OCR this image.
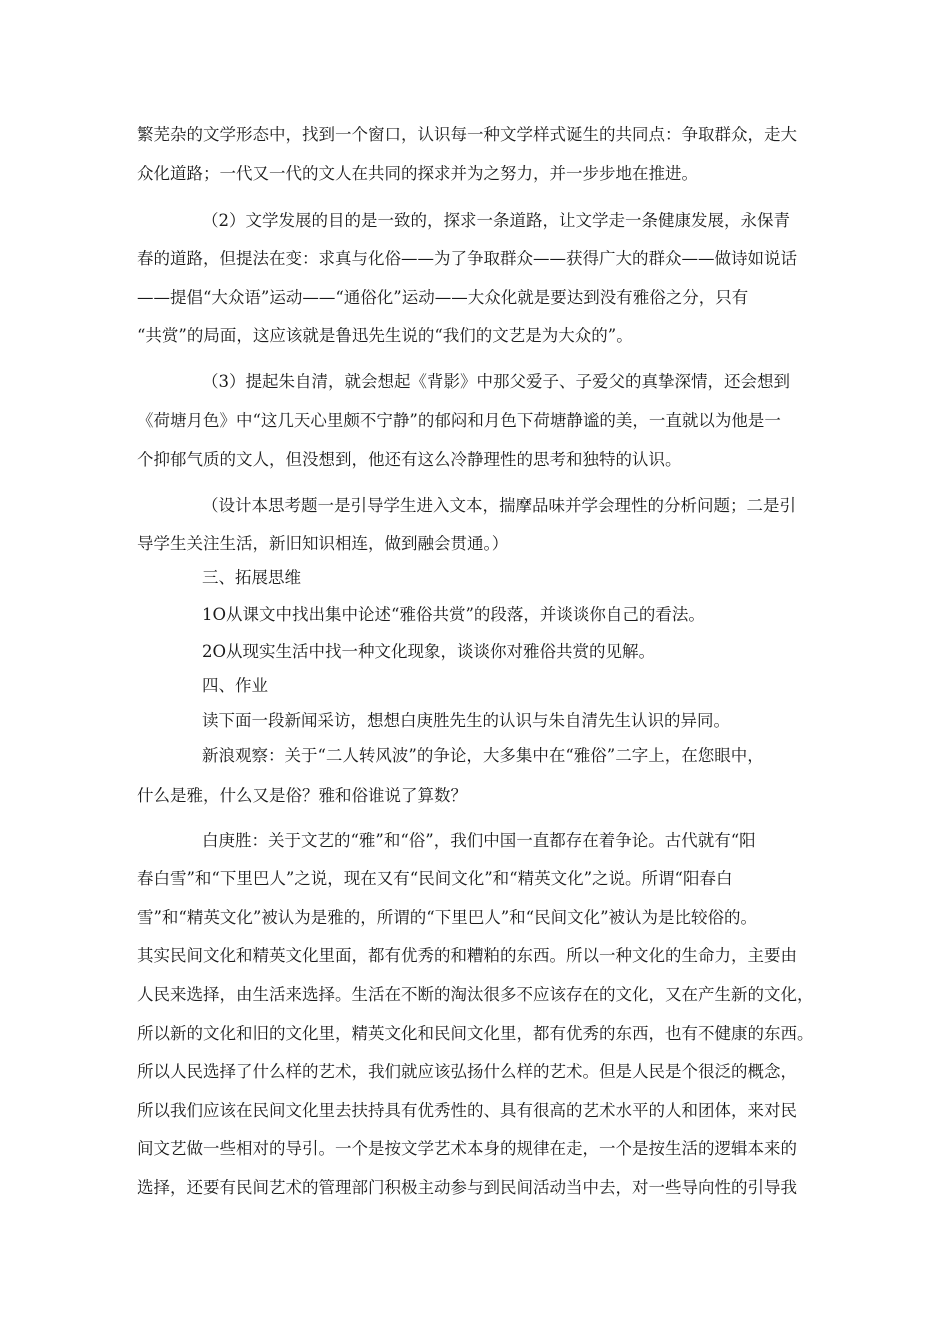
繁芜杂的文学形态中，找到一个窗口，认识每一种文学样式诞生的共同点：争取群众，走大
众化道路；一代又一代的文人在共同的探求并为之努力，并一步步地在推进。
（2）文学发展的目的是一致的，探求一条道路，让文学走一条健康发展，永保青
春的道路，但提法在变：求真与化俗——为了争取群众——获得广大的群众——做诗如说话
——提倡“大众语”运动——“通俗化”运动——大众化就是要达到没有雅俗之分，只有
“共赏”的局面，这应该就是鲁迅先生说的“我们的文艺是为大众的”。
（3）提起朱自清，就会想起《背影》中那父爱子、子爱父的真挚深情，还会想到
《荷塘月色》中“这几天心里颇不宁静”的郁闷和月色下荷塘静谧的美，一直就以为他是一
个抑郁气质的文人，但没想到，他还有这么冷静理性的思考和独特的认识。
（设计本思考题一是引导学生进入文本，揣摩品味并学会理性的分析问题；二是引
导学生关注生活，新旧知识相连，做到融会贯通。）
三、拓展思维
1O从课文中找出集中论述“雅俗共赏”的段落，并谈谈你自己的看法。
2O从现实生活中找一种文化现象，谈谈你对雅俗共赏的见解。
四、作业
读下面一段新闻采访，想想白庚胜先生的认识与朱自清先生认识的异同。
新浪观察：关于“二人转风波”的争论，大多集中在“雅俗”二字上，在您眼中，
什么是雅，什么又是俗？雅和俗谁说了算数？
白庚胜：关于文艺的“雅”和“俗”，我们中国一直都存在着争论。古代就有“阳
春白雪”和“下里巴人”之说，现在又有“民间文化”和“精英文化”之说。所谓“阳春白
雪”和“精英文化”被认为是雅的，所谓的“下里巴人”和“民间文化”被认为是比较俗的。
其实民间文化和精英文化里面，都有优秀的和糟粕的东西。所以一种文化的生命力，主要由
人民来选择，由生活来选择。生活在不断的淘汰很多不应该存在的文化，又在产生新的文化，
所以新的文化和旧的文化里，精英文化和民间文化里，都有优秀的东西，也有不健康的东西。
所以人民选择了什么样的艺术，我们就应该弘扬什么样的艺术。但是人民是个很泛的概念，
所以我们应该在民间文化里去扶持具有优秀性的、具有很高的艺术水平的人和团体，来对民
间文艺做一些相对的导引。一个是按文学艺术本身的规律在走，一个是按生活的逻辑本来的
选择，还要有民间艺术的管理部门积极主动参与到民间活动当中去，对一些导向性的引导我
